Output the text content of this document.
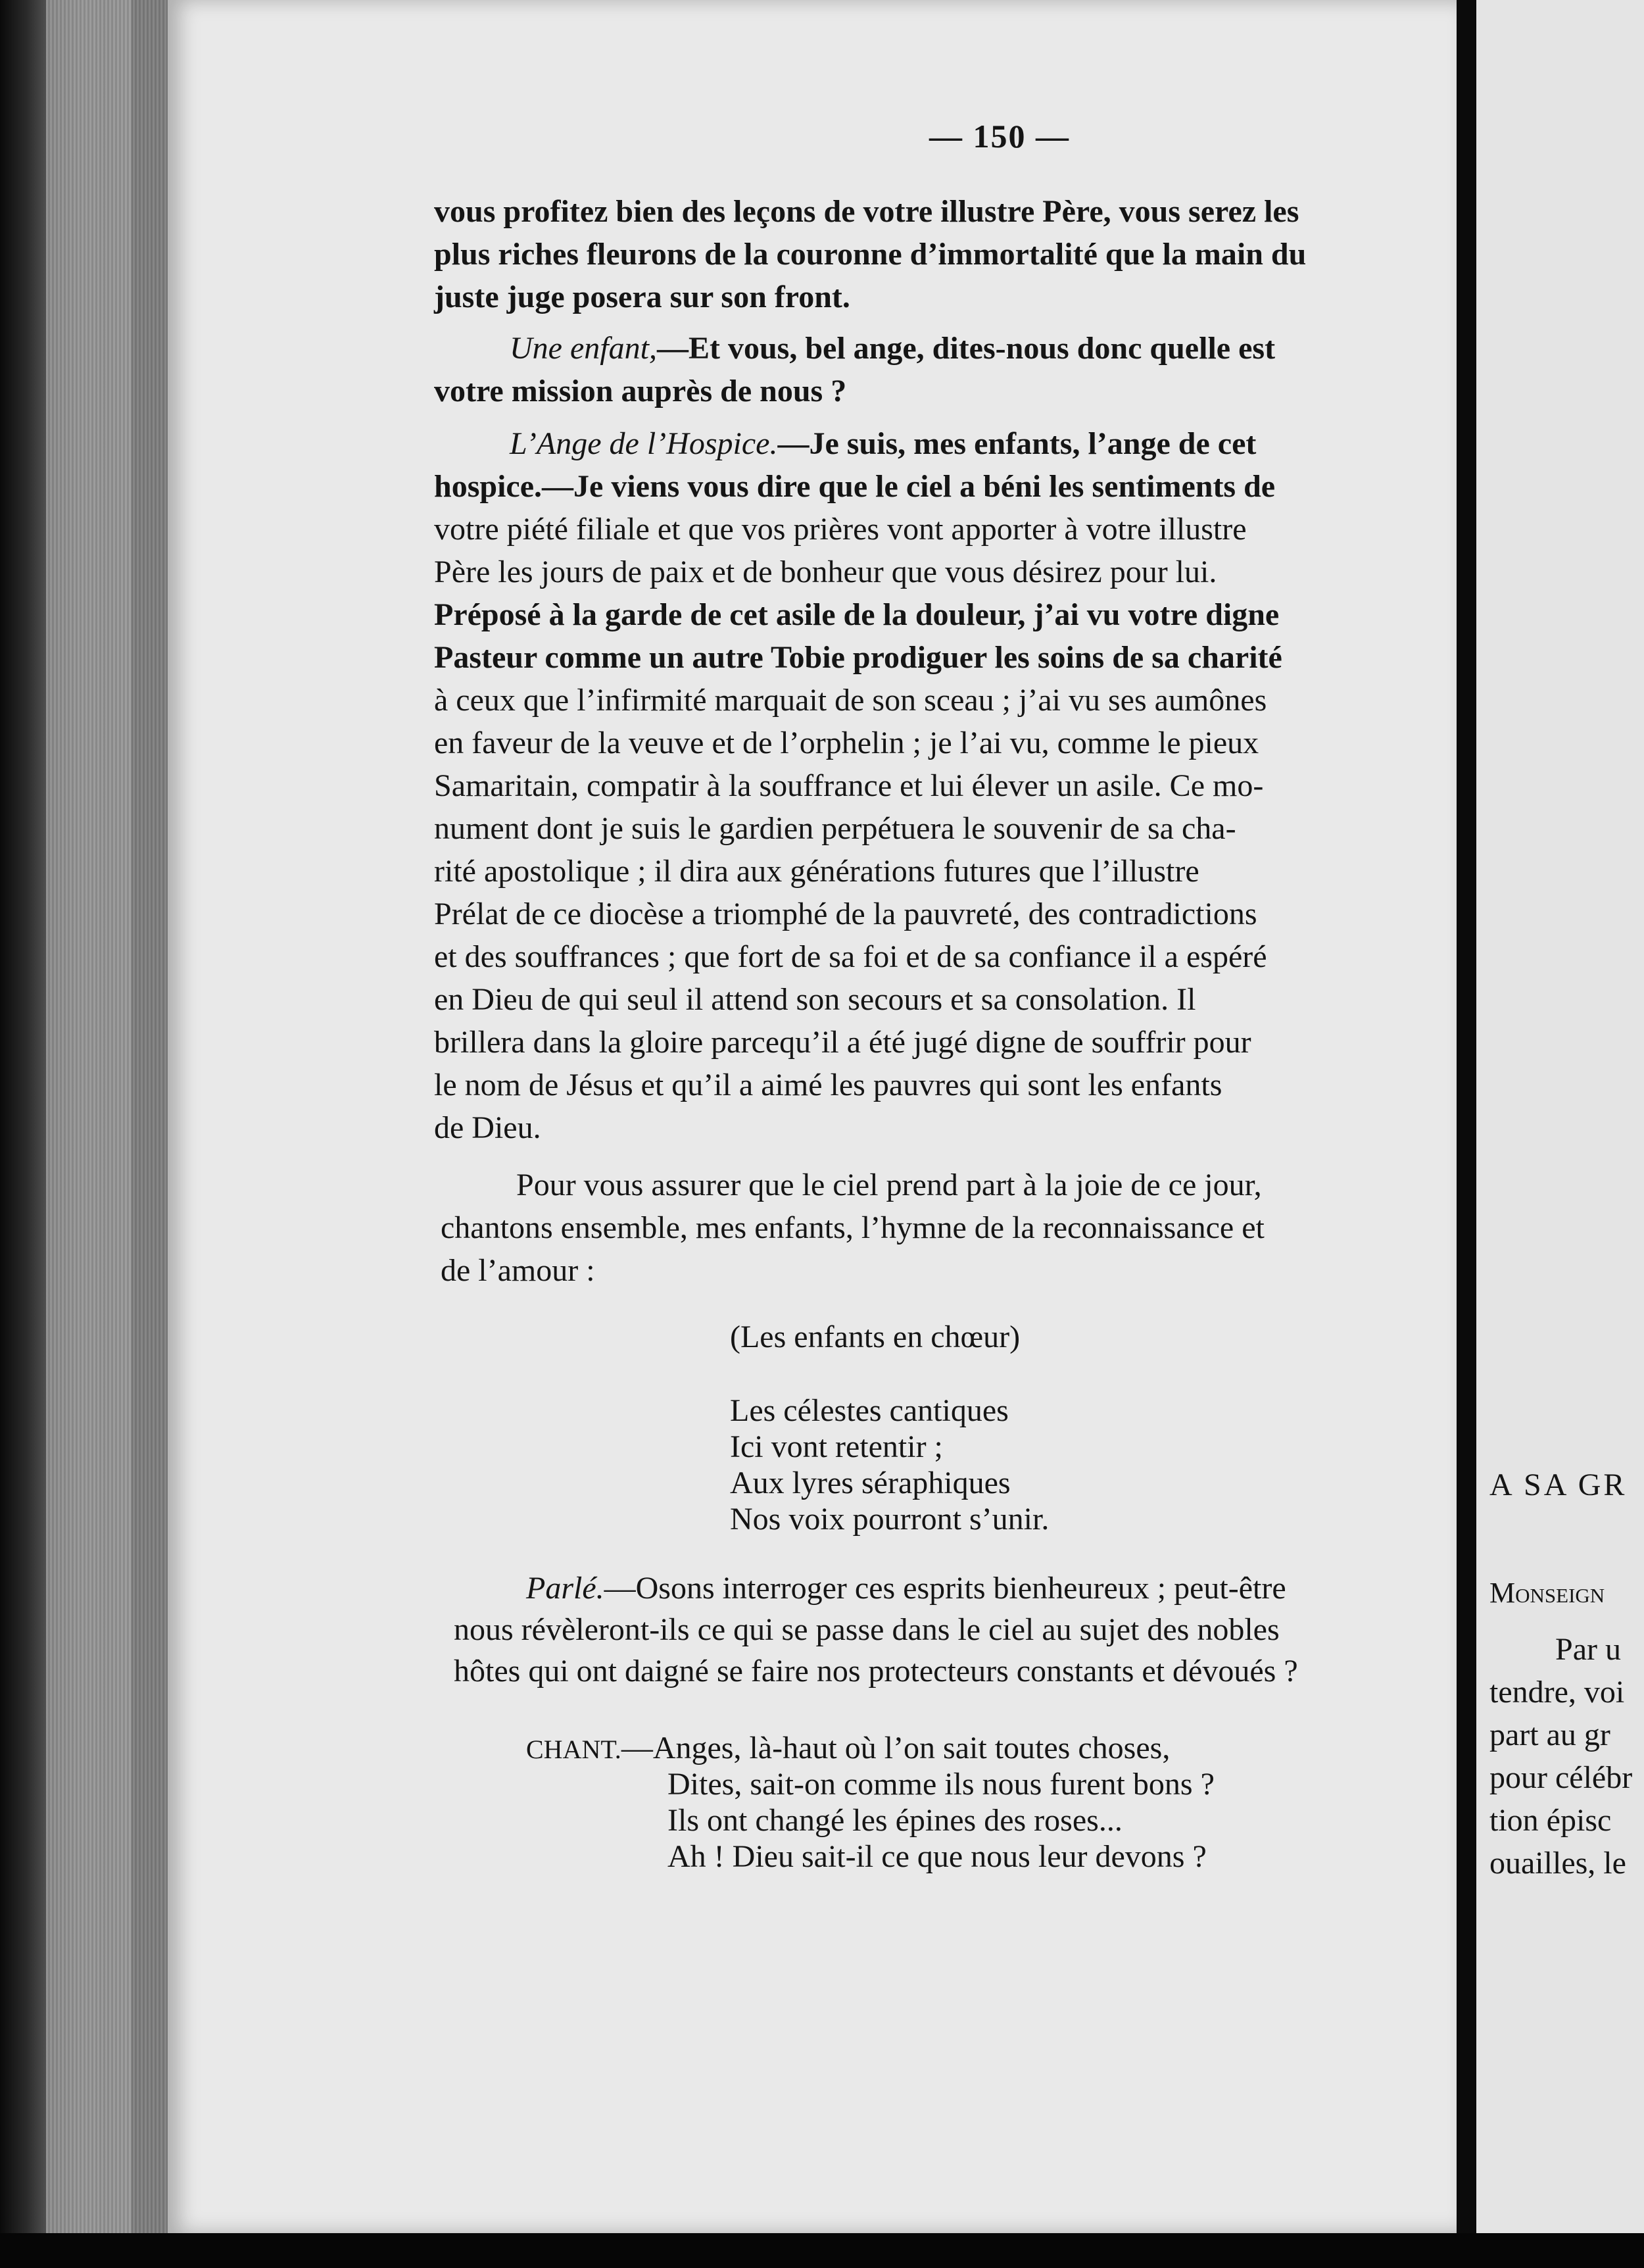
— 150 —
vous profitez bien des leçons de votre illustre Père, vous serez les
plus riches fleurons de la couronne d’immortalité que la main du
juste juge posera sur son front.
Une enfant,—Et vous, bel ange, dites-nous donc quelle est
votre mission auprès de nous ?
L’Ange de l’Hospice.—Je suis, mes enfants, l’ange de cet
hospice.—Je viens vous dire que le ciel a béni les sentiments de
votre piété filiale et que vos prières vont apporter à votre illustre
Père les jours de paix et de bonheur que vous désirez pour lui.
Préposé à la garde de cet asile de la douleur, j’ai vu votre digne
Pasteur comme un autre Tobie prodiguer les soins de sa charité
à ceux que l’infirmité marquait de son sceau ; j’ai vu ses aumônes
en faveur de la veuve et de l’orphelin ; je l’ai vu, comme le pieux
Samaritain, compatir à la souffrance et lui élever un asile. Ce mo-
nument dont je suis le gardien perpétuera le souvenir de sa cha-
rité apostolique ; il dira aux générations futures que l’illustre
Prélat de ce diocèse a triomphé de la pauvreté, des contradictions
et des souffrances ; que fort de sa foi et de sa confiance il a espéré
en Dieu de qui seul il attend son secours et sa consolation. Il
brillera dans la gloire parcequ’il a été jugé digne de souffrir pour
le nom de Jésus et qu’il a aimé les pauvres qui sont les enfants
de Dieu.
Pour vous assurer que le ciel prend part à la joie de ce jour,
chantons ensemble, mes enfants, l’hymne de la reconnaissance et
de l’amour :
(Les enfants en chœur)
Les célestes cantiques
Ici vont retentir ;
Aux lyres séraphiques
Nos voix pourront s’unir.
Parlé.—Osons interroger ces esprits bienheureux ; peut-être
nous révèleront-ils ce qui se passe dans le ciel au sujet des nobles
hôtes qui ont daigné se faire nos protecteurs constants et dévoués ?
CHANT.—Anges, là-haut où l’on sait toutes choses,
Dites, sait-on comme ils nous furent bons ?
Ils ont changé les épines des roses...
Ah ! Dieu sait-il ce que nous leur devons ?
A SA GR
Monseign
Par u
tendre, voi
part au gr
pour célébr
tion épisc
ouailles, le
